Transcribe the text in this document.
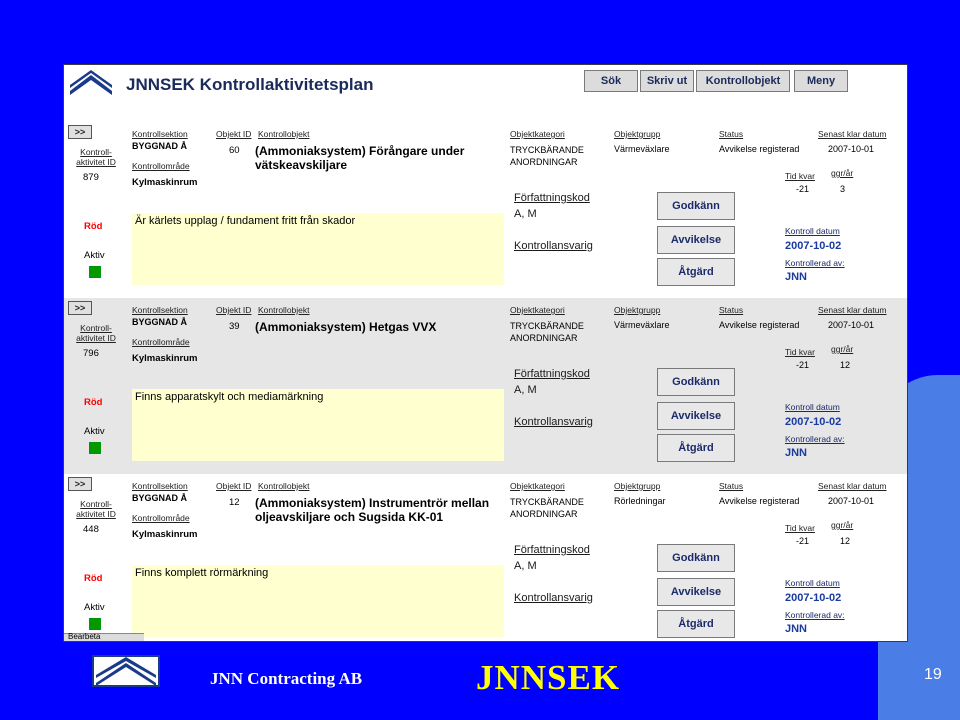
JNNSEK Kontrollaktivitetsplan	Sök	Skriv ut	Kontrollobjekt	Meny
>>	Kontrollsektion	Objekt ID Kontrollobjekt
BYGGNAD Å	60 (Ammoniaksystem) Förångare under vätskeavskiljare
Kontrollområde
Kylmaskinrum
Kontroll-aktivitet ID
879
Röd
Aktiv
Är kärlets upplag / fundament fritt från skador
Objektkategori
TRYCKBÄRANDE ANORDNINGAR
Objektgrupp
Värmeväxlare
Status
Avvikelse registerad
Senast klar datum
2007-10-01
Tid kvar
-21
ggr/år
3
Författningskod
A, M
Kontrollansvarig
Godkänn
Avvikelse
Åtgärd
Kontroll datum
2007-10-02
Kontrollerad av:
JNN
>>	Kontrollsektion	Objekt ID Kontrollobjekt
BYGGNAD Å	39 (Ammoniaksystem) Hetgas VVX
Kontrollområde
Kylmaskinrum
Kontroll-aktivitet ID
796
Röd
Aktiv
Finns apparatskylt och mediamärkning
Objektkategori
TRYCKBÄRANDE ANORDNINGAR
Objektgrupp
Värmeväxlare
Status
Avvikelse registerad
Senast klar datum
2007-10-01
Tid kvar
-21
ggr/år
12
Författningskod
A, M
Kontrollansvarig
Godkänn
Avvikelse
Åtgärd
Kontroll datum
2007-10-02
Kontrollerad av:
JNN
>>	Kontrollsektion	Objekt ID Kontrollobjekt
BYGGNAD Å	12 (Ammoniaksystem) Instrumentrör mellan oljeavskiljare och Sugsida KK-01
Kontrollområde
Kylmaskinrum
Kontroll-aktivitet ID
448
Röd
Aktiv
Finns komplett rörmärkning
Objektkategori
TRYCKBÄRANDE ANORDNINGAR
Objektgrupp
Rörledningar
Status
Avvikelse registerad
Senast klar datum
2007-10-01
Tid kvar
-21
ggr/år
12
Författningskod
A, M
Kontrollansvarig
Godkänn
Avvikelse
Åtgärd
Kontroll datum
2007-10-02
Kontrollerad av:
JNN
Bearbeta
JNN Contracting AB	JNNSEK	19
